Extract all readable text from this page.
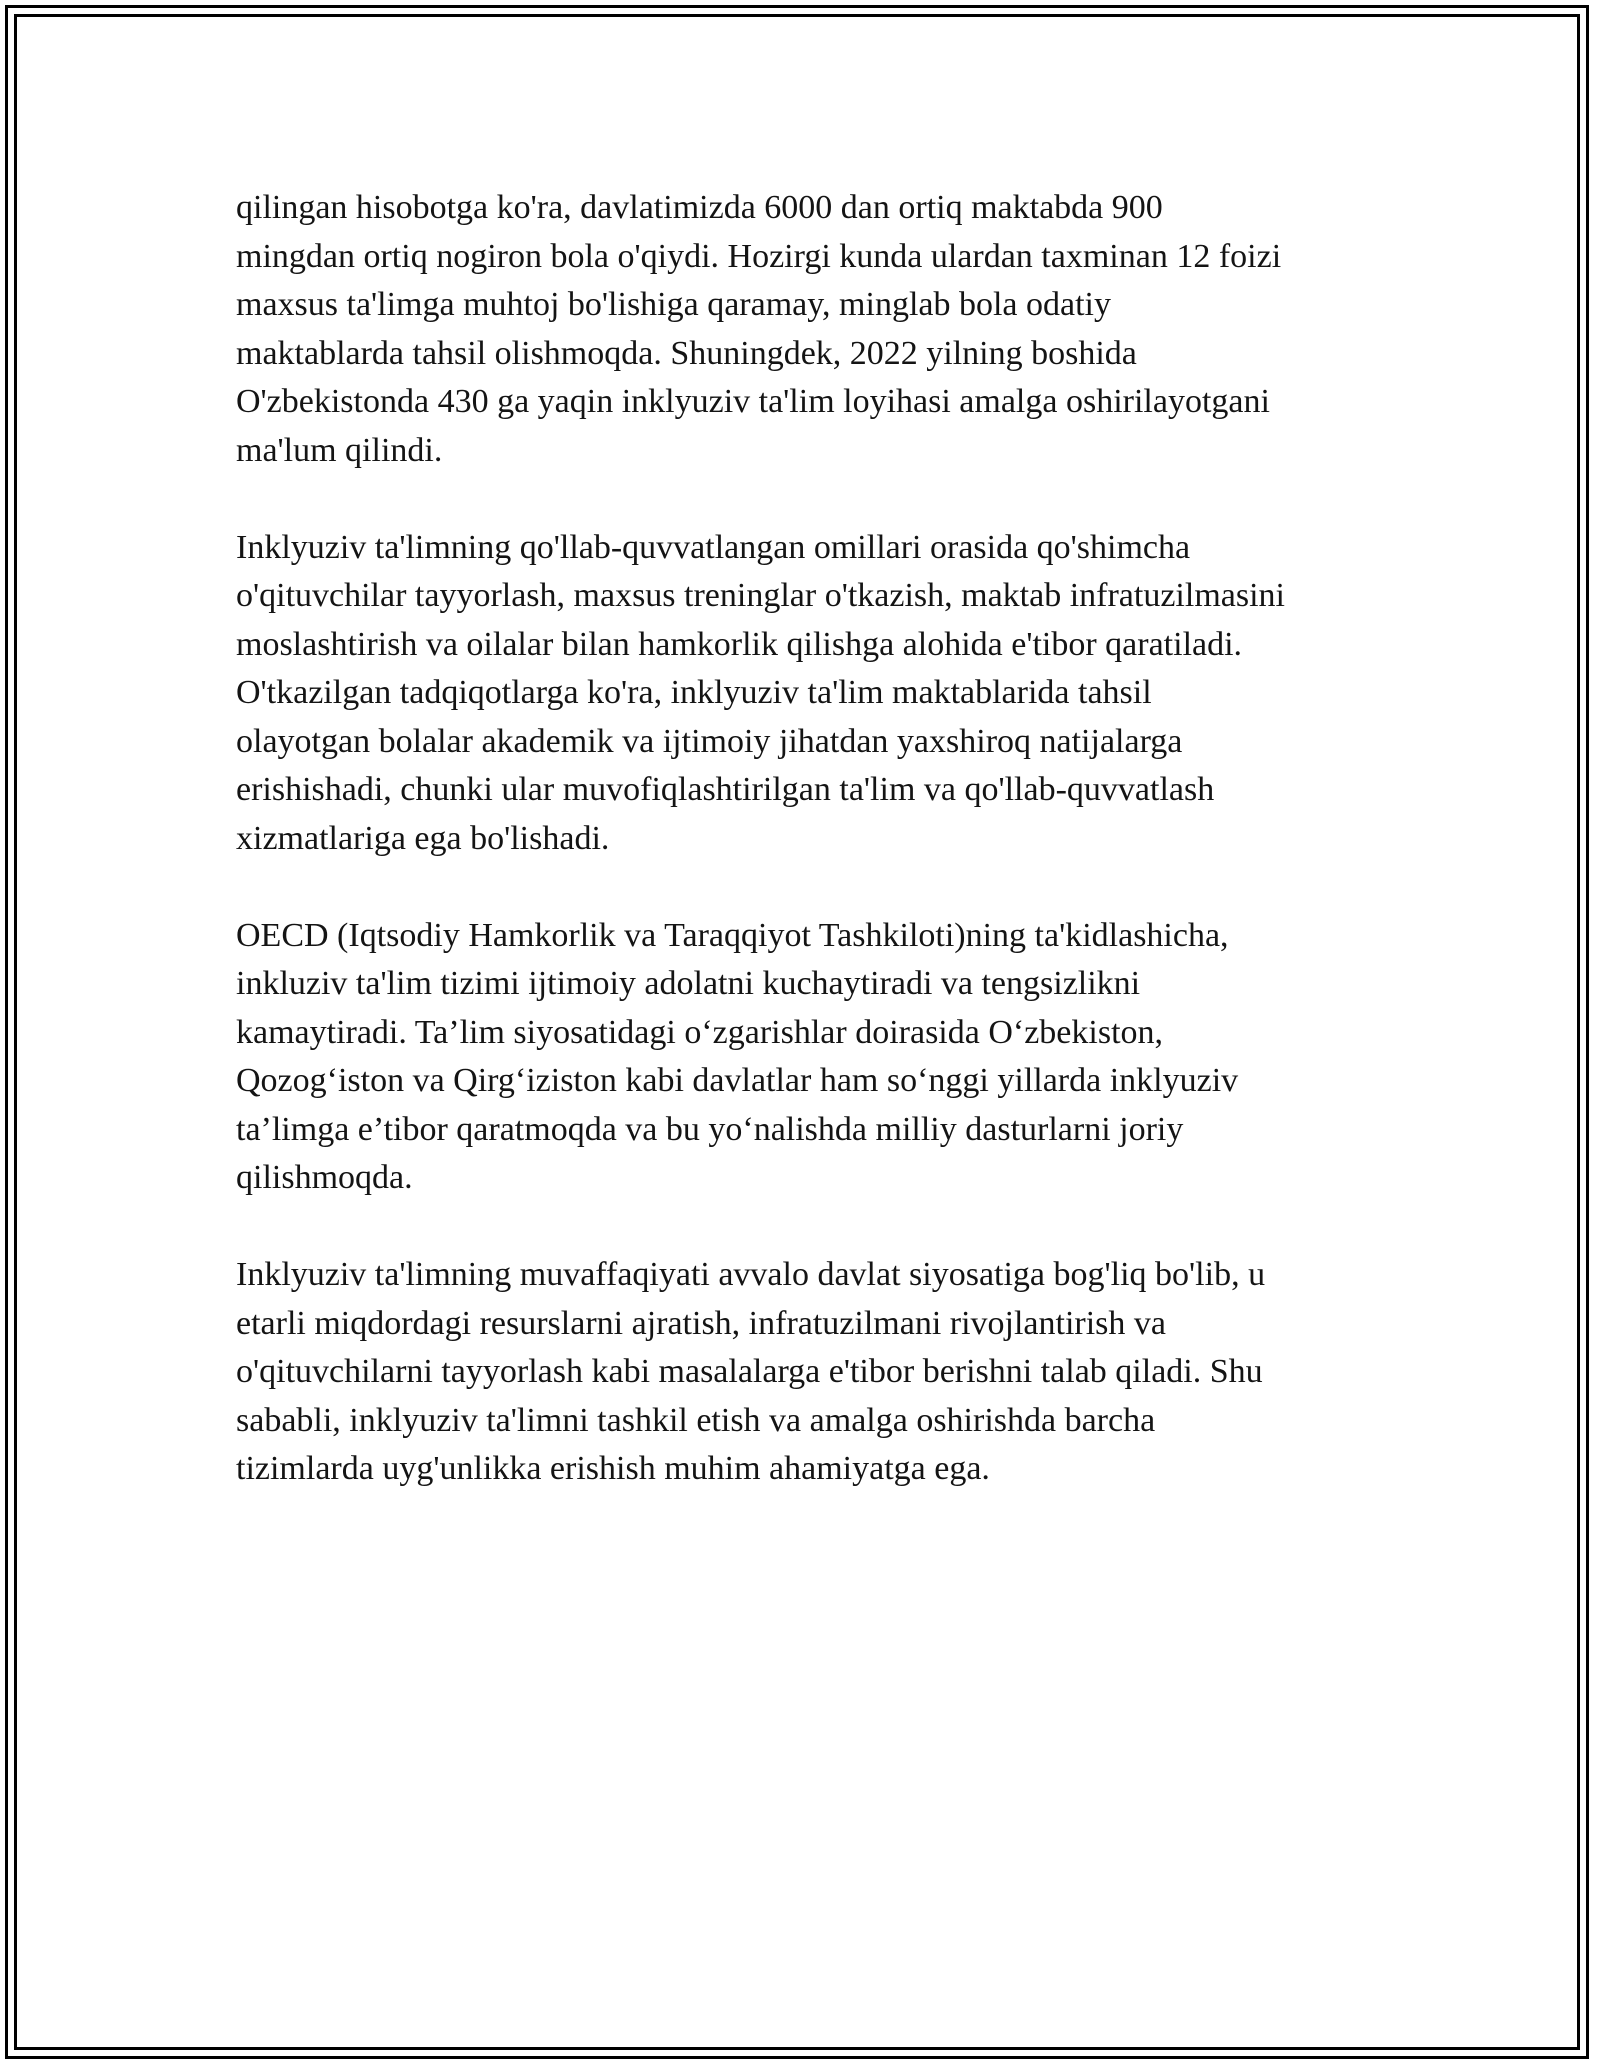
qilingan hisobotga ko'ra, davlatimizda 6000 dan ortiq maktabda 900
mingdan ortiq nogiron bola o'qiydi. Hozirgi kunda ulardan taxminan 12 foizi
maxsus ta'limga muhtoj bo'lishiga qaramay, minglab bola odatiy
maktablarda tahsil olishmoqda. Shuningdek, 2022 yilning boshida
O'zbekistonda 430 ga yaqin inklyuziv ta'lim loyihasi amalga oshirilayotgani
ma'lum qilindi.

Inklyuziv ta'limning qo'llab-quvvatlangan omillari orasida qo'shimcha
o'qituvchilar tayyorlash, maxsus treninglar o'tkazish, maktab infratuzilmasini
moslashtirish va oilalar bilan hamkorlik qilishga alohida e'tibor qaratiladi.
O'tkazilgan tadqiqotlarga ko'ra, inklyuziv ta'lim maktablarida tahsil
olayotgan bolalar akademik va ijtimoiy jihatdan yaxshiroq natijalarga
erishishadi, chunki ular muvofiqlashtirilgan ta'lim va qo'llab-quvvatlash
xizmatlariga ega bo'lishadi.

OECD (Iqtsodiy Hamkorlik va Taraqqiyot Tashkiloti)ning ta'kidlashicha,
inkluziv ta'lim tizimi ijtimoiy adolatni kuchaytiradi va tengsizlikni
kamaytiradi. Ta’lim siyosatidagi o‘zgarishlar doirasida O‘zbekiston,
Qozog‘iston va Qirg‘iziston kabi davlatlar ham so‘nggi yillarda inklyuziv
ta’limga e’tibor qaratmoqda va bu yo‘nalishda milliy dasturlarni joriy
qilishmoqda.

Inklyuziv ta'limning muvaffaqiyati avvalo davlat siyosatiga bog'liq bo'lib, u
etarli miqdordagi resurslarni ajratish, infratuzilmani rivojlantirish va
o'qituvchilarni tayyorlash kabi masalalarga e'tibor berishni talab qiladi. Shu
sababli, inklyuziv ta'limni tashkil etish va amalga oshirishda barcha
tizimlarda uyg'unlikka erishish muhim ahamiyatga ega.
